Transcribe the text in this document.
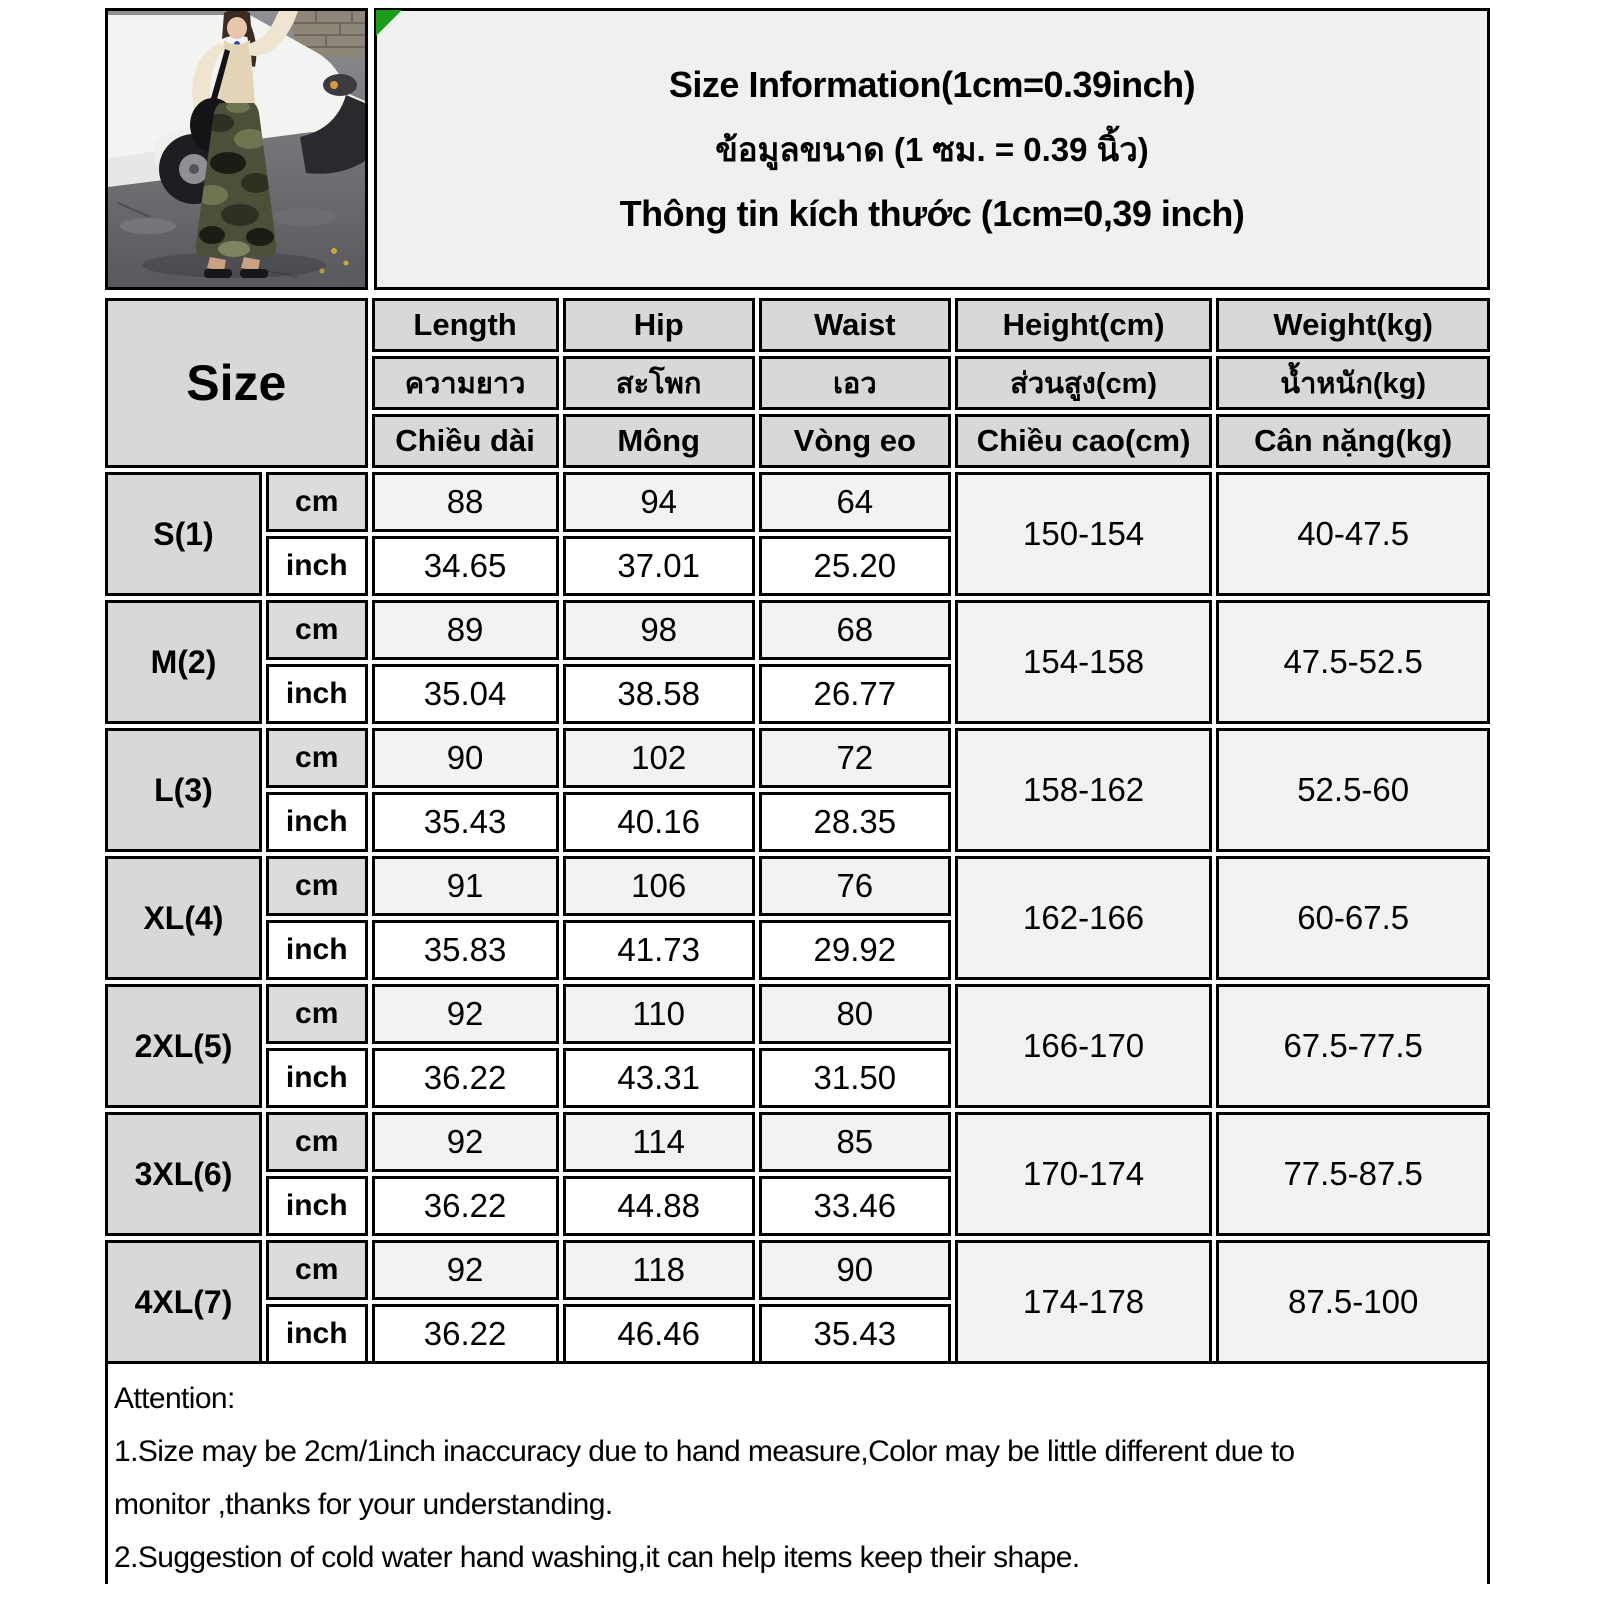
Size Information(1cm=0.39inch)
ข้อมูลขนาด (1 ซม. = 0.39 นิ้ว)
Thông tin kích thước (1cm=0,39 inch)
Size		Length	Hip	Waist	Height(cm)	Weight(kg)
		ความยาว	สะโพก	เอว	ส่วนสูง(cm)	น้ำหนัก(kg)
		Chiều dài	Mông	Vòng eo	Chiều cao(cm)	Cân nặng(kg)
S(1)	cm	88	94	64	150-154	40-47.5
	inch	34.65	37.01	25.20		
M(2)	cm	89	98	68	154-158	47.5-52.5
	inch	35.04	38.58	26.77		
L(3)	cm	90	102	72	158-162	52.5-60
	inch	35.43	40.16	28.35		
XL(4)	cm	91	106	76	162-166	60-67.5
	inch	35.83	41.73	29.92		
2XL(5)	cm	92	110	80	166-170	67.5-77.5
	inch	36.22	43.31	31.50		
3XL(6)	cm	92	114	85	170-174	77.5-87.5
	inch	36.22	44.88	33.46		
4XL(7)	cm	92	118	90	174-178	87.5-100
	inch	36.22	46.46	35.43		
Attention:
1.Size may be 2cm/1inch inaccuracy due to hand measure,Color may be little different due to
monitor ,thanks for your understanding.
2.Suggestion of cold water hand washing,it can help items keep their shape.
